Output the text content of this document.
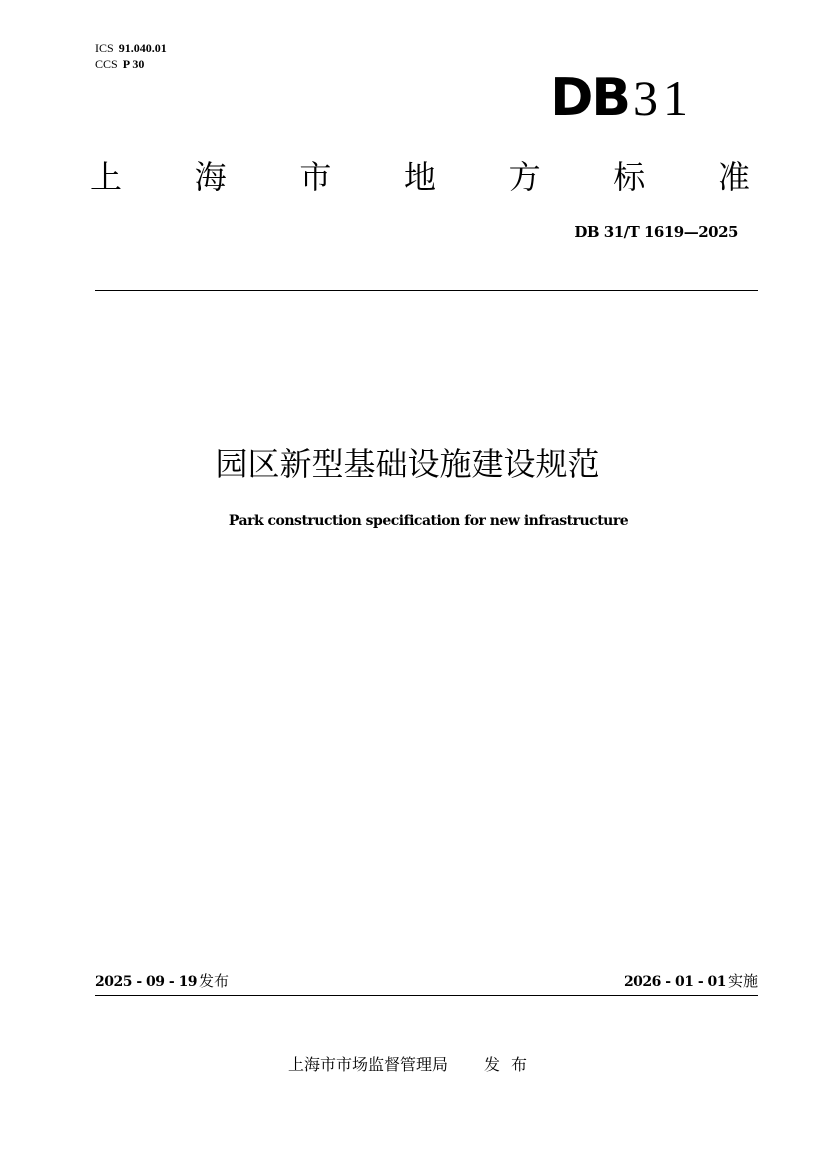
ICS 91.040.01
CCS P 30
DB31
上 海 市 地 方 标 准
DB 31/T 1619—2025
园区新型基础设施建设规范
Park construction specification for new infrastructure
2025 - 09 - 19 发布	2026 - 01 - 01 实施
上海市市场监督管理局 发 布
